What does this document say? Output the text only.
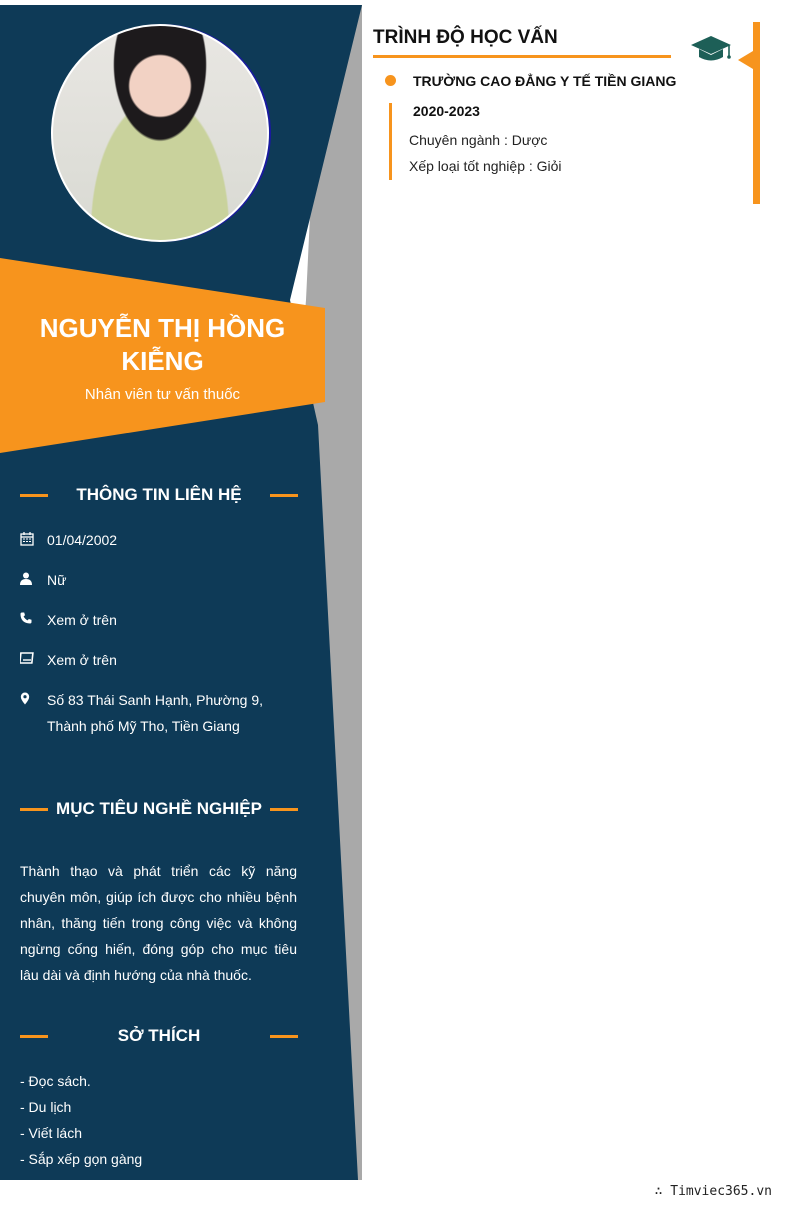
NGUYỄN THỊ HỒNG KIỄNG
Nhân viên tư vấn thuốc
THÔNG TIN LIÊN HỆ
01/04/2002
Nữ
Xem ở trên
Xem ở trên
Số 83 Thái Sanh Hạnh, Phường 9, Thành phố Mỹ Tho, Tiền Giang
MỤC TIÊU NGHỀ NGHIỆP
Thành thạo và phát triển các kỹ năng chuyên môn, giúp ích được cho nhiều bệnh nhân, thăng tiến trong công việc và không ngừng cống hiến, đóng góp cho mục tiêu lâu dài và định hướng của nhà thuốc.
SỞ THÍCH
- Đọc sách.
- Du lịch
- Viết lách
- Sắp xếp gọn gàng
TRÌNH ĐỘ HỌC VẤN
TRƯỜNG CAO ĐẲNG Y TẾ TIỀN GIANG
2020-2023
Chuyên ngành : Dược
Xếp loại tốt nghiệp : Giỏi
∴ Timviec365.vn
